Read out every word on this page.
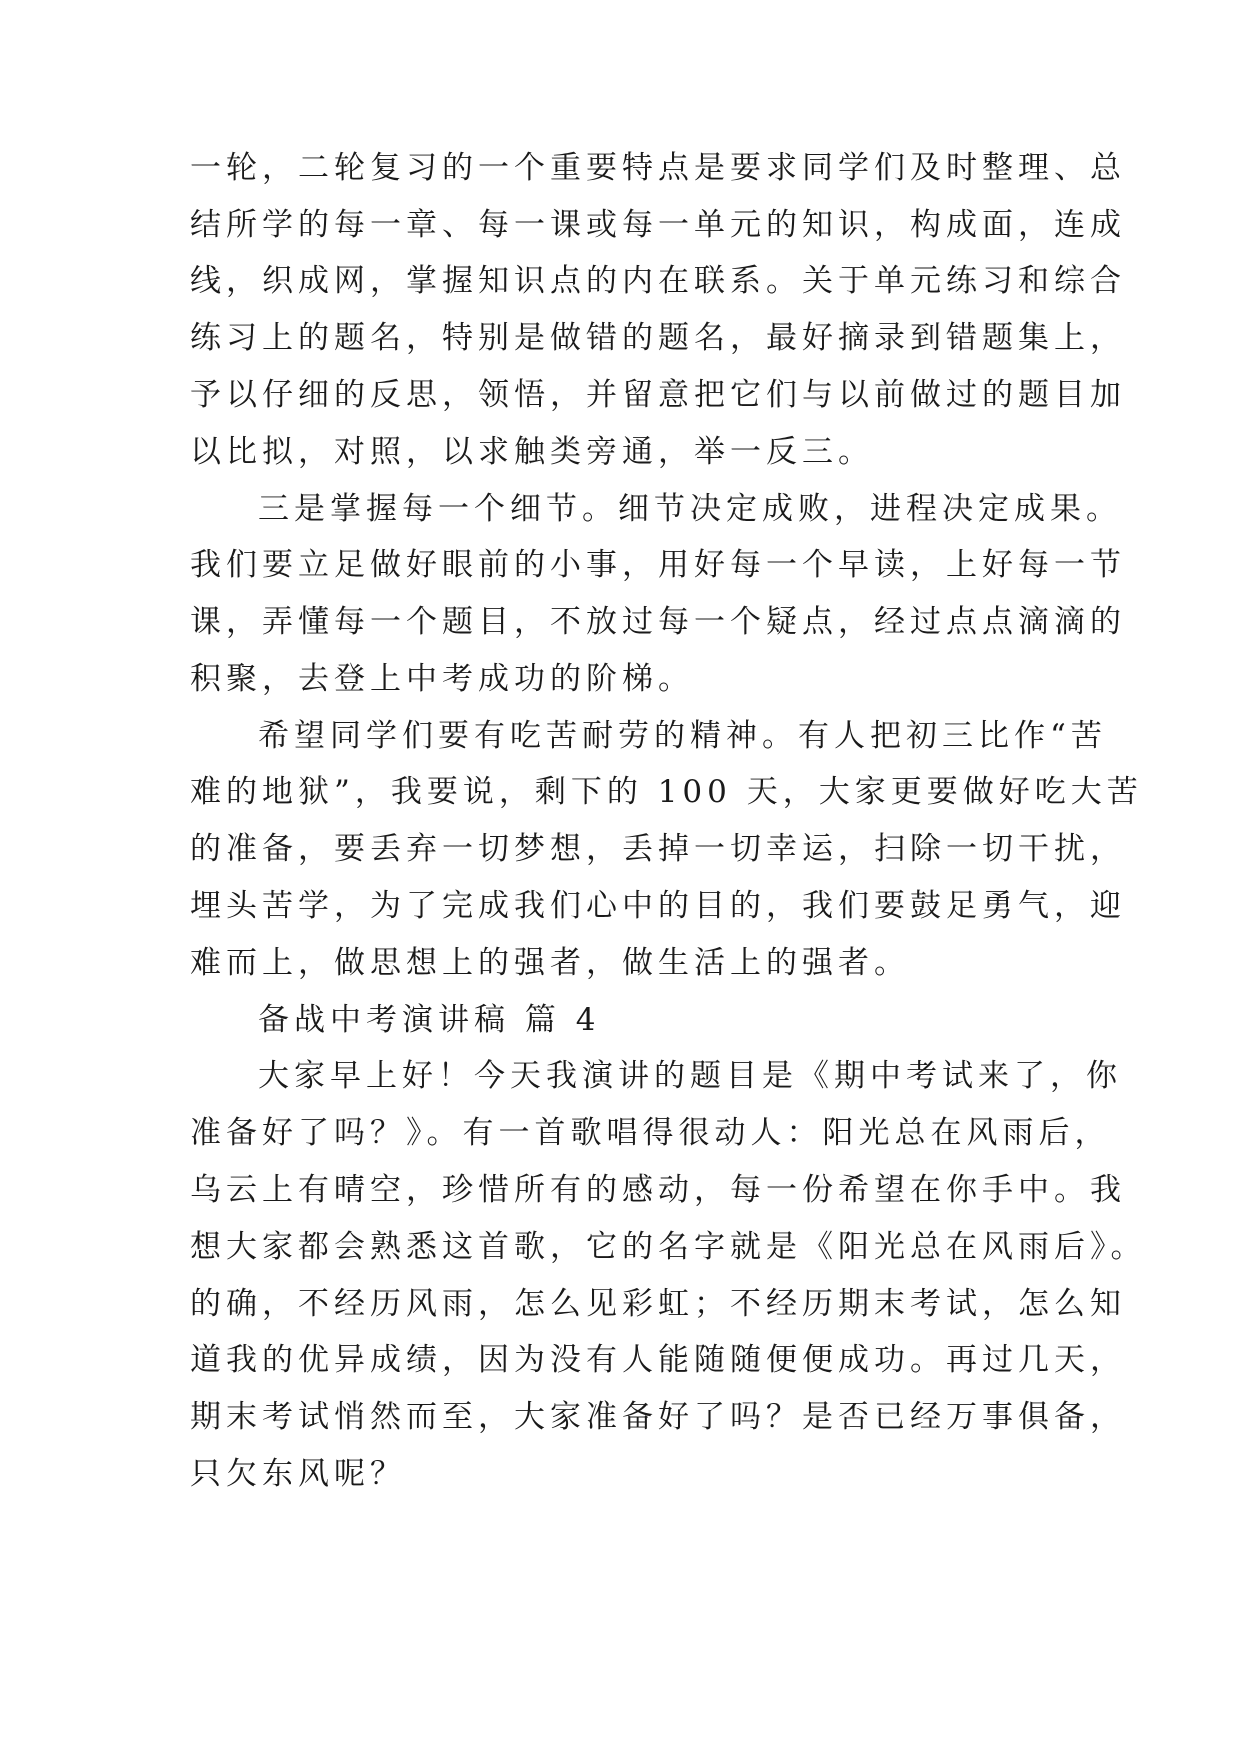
一轮，二轮复习的一个重要特点是要求同学们及时整理、总
结所学的每一章、每一课或每一单元的知识，构成面，连成
线，织成网，掌握知识点的内在联系。关于单元练习和综合
练习上的题名，特别是做错的题名，最好摘录到错题集上，
予以仔细的反思，领悟，并留意把它们与以前做过的题目加
以比拟，对照，以求触类旁通，举一反三。
三是掌握每一个细节。细节决定成败，进程决定成果。
我们要立足做好眼前的小事，用好每一个早读，上好每一节
课，弄懂每一个题目，不放过每一个疑点，经过点点滴滴的
积聚，去登上中考成功的阶梯。
希望同学们要有吃苦耐劳的精神。有人把初三比作“苦
难的地狱”，我要说，剩下的 100 天，大家更要做好吃大苦
的准备，要丢弃一切梦想，丢掉一切幸运，扫除一切干扰，
埋头苦学，为了完成我们心中的目的，我们要鼓足勇气，迎
难而上，做思想上的强者，做生活上的强者。
备战中考演讲稿 篇 4
大家早上好！今天我演讲的题目是《期中考试来了，你
准备好了吗？》。有一首歌唱得很动人：阳光总在风雨后，
乌云上有晴空，珍惜所有的感动，每一份希望在你手中。我
想大家都会熟悉这首歌，它的名字就是《阳光总在风雨后》。
的确，不经历风雨，怎么见彩虹；不经历期末考试，怎么知
道我的优异成绩，因为没有人能随随便便成功。再过几天，
期末考试悄然而至，大家准备好了吗？是否已经万事俱备，
只欠东风呢？
